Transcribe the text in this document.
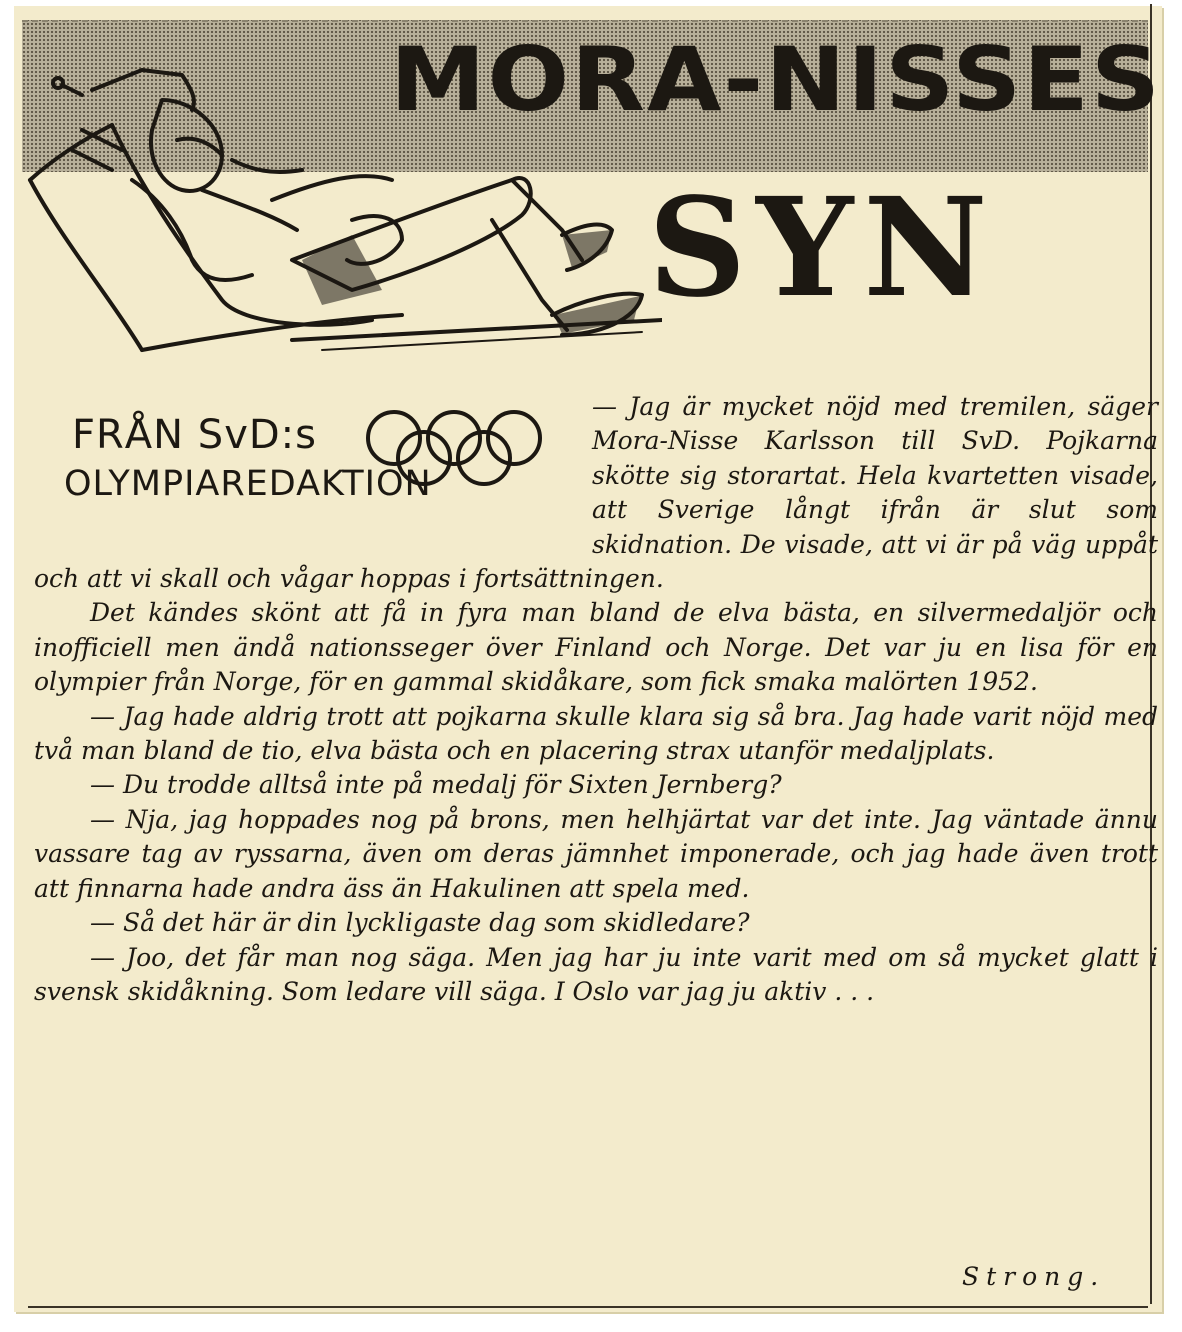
MORA-NISSES
SYN
FRÅN SvD:s
OLYMPIAREDAKTION

— Jag är mycket nöjd med tremilen, säger Mora-Nisse Karlsson till SvD. Pojkarna skötte sig storartat. Hela kvartetten visade, att Sverige långt ifrån är slut som skidnation. De visade, att vi är på väg uppåt och att vi skall och vågar hoppas i fortsättningen.

Det kändes skönt att få in fyra man bland de elva bästa, en silvermedaljör och inofficiell men ändå nationsseger över Finland och Norge. Det var ju en lisa för en olympier från Norge, för en gammal skidåkare, som fick smaka malörten 1952.

— Jag hade aldrig trott att pojkarna skulle klara sig så bra. Jag hade varit nöjd med två man bland de tio, elva bästa och en placering strax utanför medaljplats.

— Du trodde alltså inte på medalj för Sixten Jernberg?

— Nja, jag hoppades nog på brons, men helhjärtat var det inte. Jag väntade ännu vassare tag av ryssarna, även om deras jämnhet imponerade, och jag hade även trott att finnarna hade andra äss än Hakulinen att spela med.

— Så det här är din lyckligaste dag som skidledare?

— Joo, det får man nog säga. Men jag har ju inte varit med om så mycket glatt i svensk skidåkning. Som ledare vill säga. I Oslo var jag ju aktiv . . .

Strong.
